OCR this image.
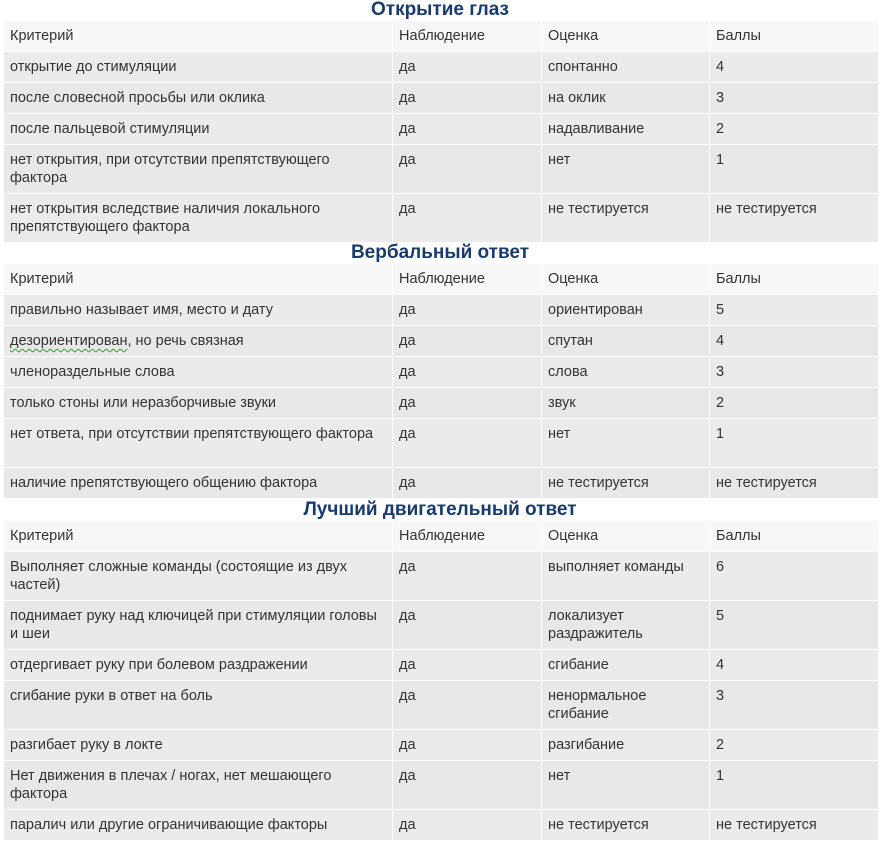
Открытие глаз
Критерий	Наблюдение	Оценка	Баллы
открытие до стимуляции	да	спонтанно	4
после словесной просьбы или оклика	да	на оклик	3
после пальцевой стимуляции	да	надавливание	2
нет открытия, при отсутствии препятствующего фактора	да	нет	1
нет открытия вследствие наличия локального препятствующего фактора	да	не тестируется	не тестируется
Вербальный ответ
Критерий	Наблюдение	Оценка	Баллы
правильно называет имя, место и дату	да	ориентирован	5
дезориентирован, но речь связная	да	спутан	4
членораздельные слова	да	слова	3
только стоны или неразборчивые звуки	да	звук	2
нет ответа, при отсутствии препятствующего фактора	да	нет	1
наличие препятствующего общению фактора	да	не тестируется	не тестируется
Лучший двигательный ответ
Критерий	Наблюдение	Оценка	Баллы
Выполняет сложные команды (состоящие из двух частей)	да	выполняет команды	6
поднимает руку над ключицей при стимуляции головы и шеи	да	локализует раздражитель	5
отдергивает руку при болевом раздражении	да	сгибание	4
сгибание руки в ответ на боль	да	ненормальное сгибание	3
разгибает руку в локте	да	разгибание	2
Нет движения в плечах / ногах, нет мешающего фактора	да	нет	1
паралич или другие ограничивающие факторы	да	не тестируется	не тестируется
